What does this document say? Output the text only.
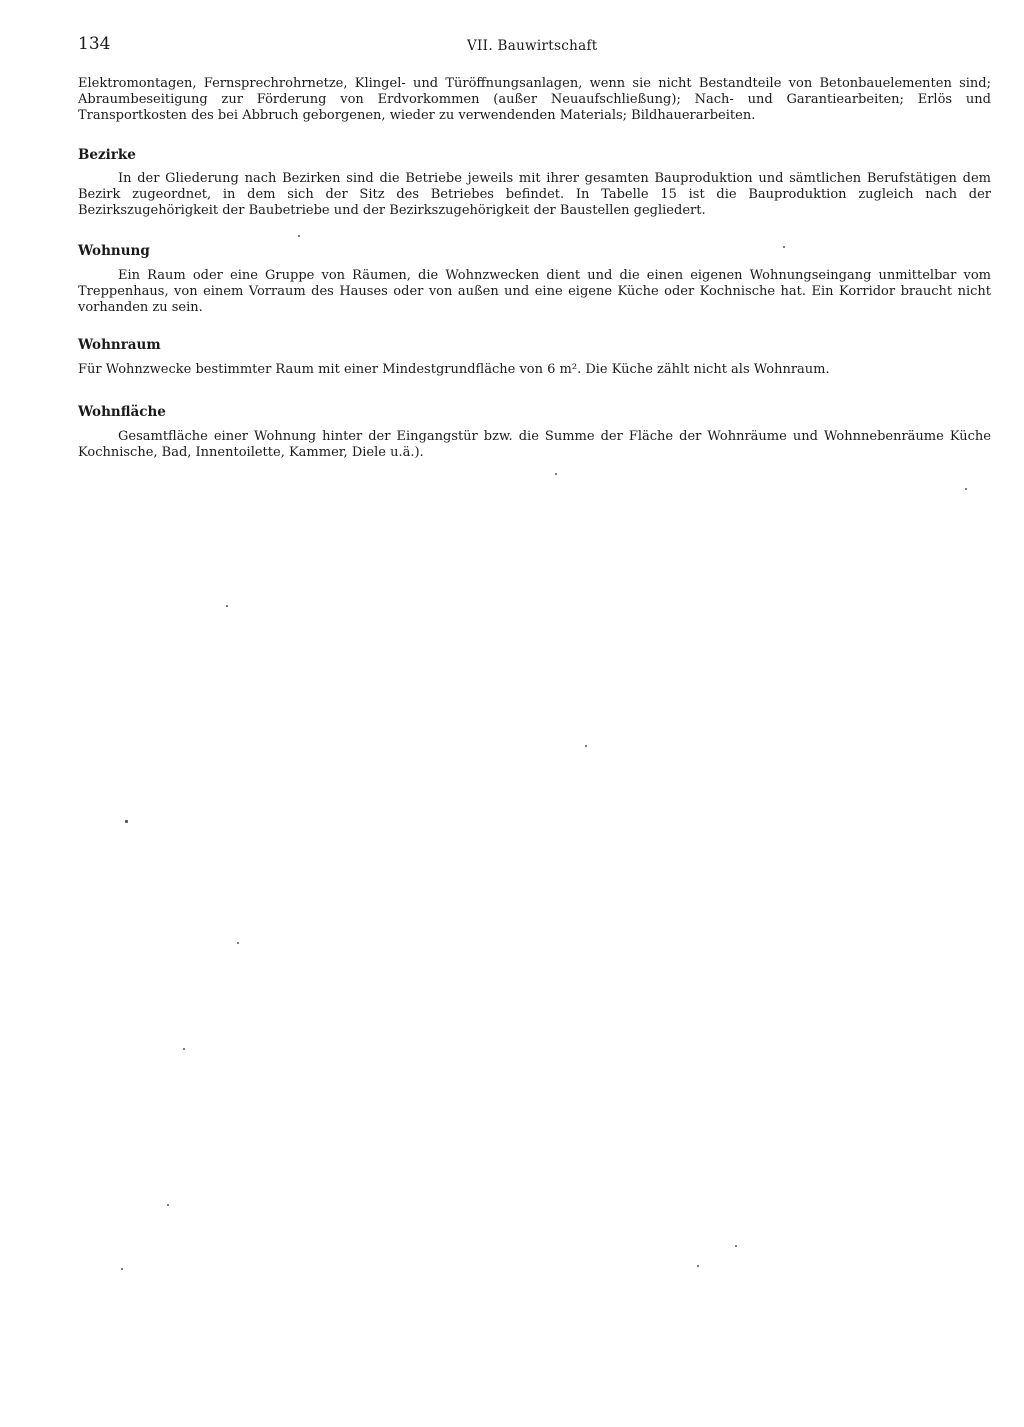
134	VII. Bauwirtschaft

Elektromontagen, Fernsprechrohrnetze, Klingel- und Türöffnungsanlagen, wenn sie nicht Bestandteile von Betonbauelementen sind; Abraumbeseitigung zur Förderung von Erdvorkommen (außer Neuaufschließung); Nach- und Garantiearbeiten; Erlös und Transportkosten des bei Abbruch geborgenen, wieder zu verwendenden Materials; Bildhauerarbeiten.

Bezirke

In der Gliederung nach Bezirken sind die Betriebe jeweils mit ihrer gesamten Bauproduktion und sämtlichen Berufstätigen dem Bezirk zugeordnet, in dem sich der Sitz des Betriebes befindet. In Tabelle 15 ist die Bauproduktion zugleich nach der Bezirkszugehörigkeit der Baubetriebe und der Bezirkszugehörigkeit der Baustellen gegliedert.

Wohnung

Ein Raum oder eine Gruppe von Räumen, die Wohnzwecken dient und die einen eigenen Wohnungseingang unmittelbar vom Treppenhaus, von einem Vorraum des Hauses oder von außen und eine eigene Küche oder Kochnische hat. Ein Korridor braucht nicht vorhanden zu sein.

Wohnraum

Für Wohnzwecke bestimmter Raum mit einer Mindestgrundfläche von 6 m². Die Küche zählt nicht als Wohnraum.

Wohnfläche

Gesamtfläche einer Wohnung hinter der Eingangstür bzw. die Summe der Fläche der Wohnräume und Wohnnebenräume Küche Kochnische, Bad, Innentoilette, Kammer, Diele u.ä.).
